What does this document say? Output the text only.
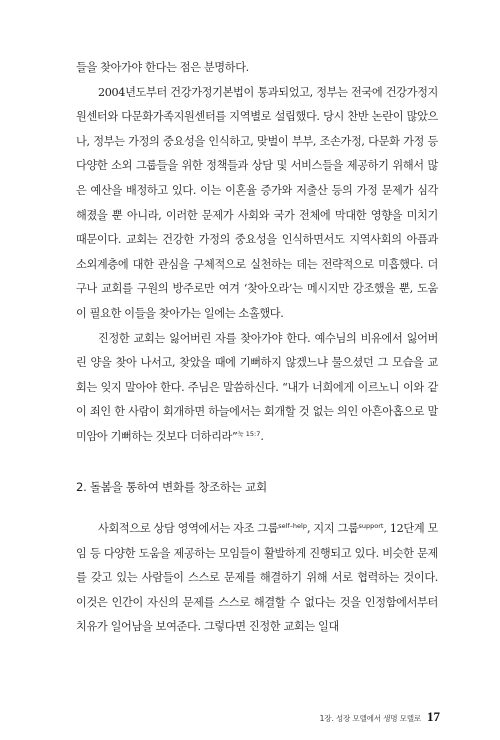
들을 찾아가야 한다는 점은 분명하다.

2004년도부터 건강가정기본법이 통과되었고, 정부는 전국에 건강가정지원센터와 다문화가족지원센터를 지역별로 설립했다. 당시 찬반 논란이 많았으나, 정부는 가정의 중요성을 인식하고, 맞벌이 부부, 조손가정, 다문화 가정 등 다양한 소외 그룹들을 위한 정책들과 상담 및 서비스들을 제공하기 위해서 많은 예산을 배정하고 있다. 이는 이혼율 증가와 저출산 등의 가정 문제가 심각해졌을 뿐 아니라, 이러한 문제가 사회와 국가 전체에 막대한 영향을 미치기 때문이다. 교회는 건강한 가정의 중요성을 인식하면서도 지역사회의 아픔과 소외계층에 대한 관심을 구체적으로 실천하는 데는 전략적으로 미흡했다. 더구나 교회를 구원의 방주로만 여겨 ‘찾아오라’는 메시지만 강조했을 뿐, 도움이 필요한 이들을 찾아가는 일에는 소홀했다.

진정한 교회는 잃어버린 자를 찾아가야 한다. 예수님의 비유에서 잃어버린 양을 찾아 나서고, 찾았을 때에 기뻐하지 않겠느냐 물으셨던 그 모습을 교회는 잊지 말아야 한다. 주님은 말씀하신다. “내가 너희에게 이르노니 이와 같이 죄인 한 사람이 회개하면 하늘에서는 회개할 것 없는 의인 아흔아홉으로 말미암아 기뻐하는 것보다 더하리라”$^{눅 15:7}$.

2. 돌봄을 통하여 변화를 창조하는 교회

사회적으로 상담 영역에서는 자조 그룹$^{self-help}$, 지지 그룹$^{support}$, 12단계 모임 등 다양한 도움을 제공하는 모임들이 활발하게 진행되고 있다. 비슷한 문제를 갖고 있는 사람들이 스스로 문제를 해결하기 위해 서로 협력하는 것이다. 이것은 인간이 자신의 문제를 스스로 해결할 수 없다는 것을 인정함에서부터 치유가 일어남을 보여준다. 그렇다면 진정한 교회는 일대

1장. 성장 모델에서 생명 모델로 17
